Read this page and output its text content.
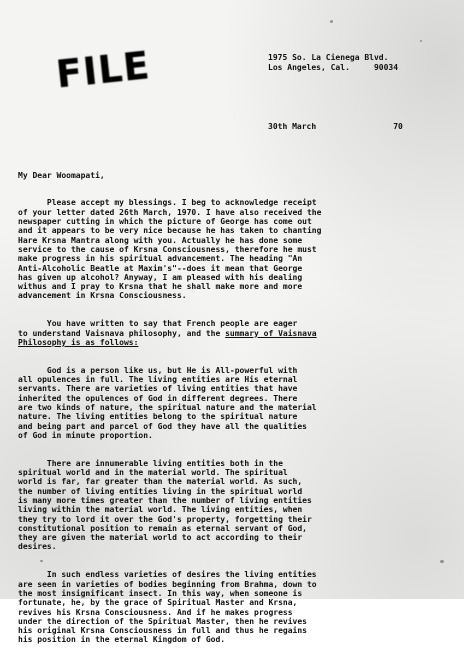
FILE	1975 So. La Cienega Blvd.
Los Angeles, Cal.     90034
30th March	70

My Dear Woomapati,

Please accept my blessings. I beg to acknowledge receipt
of your letter dated 26th March, 1970. I have also received the
newspaper cutting in which the picture of George has come out
and it appears to be very nice because he has taken to chanting
Hare Krsna Mantra along with you. Actually he has done some
service to the cause of Krsna Consciousness, therefore he must
make progress in his spiritual advancement. The heading "An
Anti-Alcoholic Beatle at Maxim's"--does it mean that George
has given up alcohol? Anyway, I am pleased with his dealing
withus and I pray to Krsna that he shall make more and more
advancement in Krsna Consciousness.

You have written to say that French people are eager
to understand Vaisnava philosophy, and the summary of Vaisnava
Philosophy is as follows:

God is a person like us, but He is All-powerful with
all opulences in full. The living entities are His eternal
servants. There are varieties of living entities that have
inherited the opulences of God in different degrees. There
are two kinds of nature, the spiritual nature and the material
nature. The living entities belong to the spiritual nature
and being part and parcel of God they have all the qualities
of God in minute proportion.

There are innumerable living entities both in the
spiritual world and in the material world. The spiritual
world is far, far greater than the material world. As such,
the number of living entities living in the spiritual world
is many more times greater than the number of living entities
living within the material world. The living entities, when
they try to lord it over the God's property, forgetting their
constitutional position to remain as eternal servant of God,
they are given the material world to act according to their
desires.

In such endless varieties of desires the living entities
are seen in varieties of bodies beginning from Brahma, down to
the most insignificant insect. In this way, when someone is
fortunate, he, by the grace of Spiritual Master and Krsna,
revives his Krsna Consciousness. And if he makes progress
under the direction of the Spiritual Master, then he revives
his original Krsna Consciousness in full and thus he regains
his position in the eternal Kingdom of God.
